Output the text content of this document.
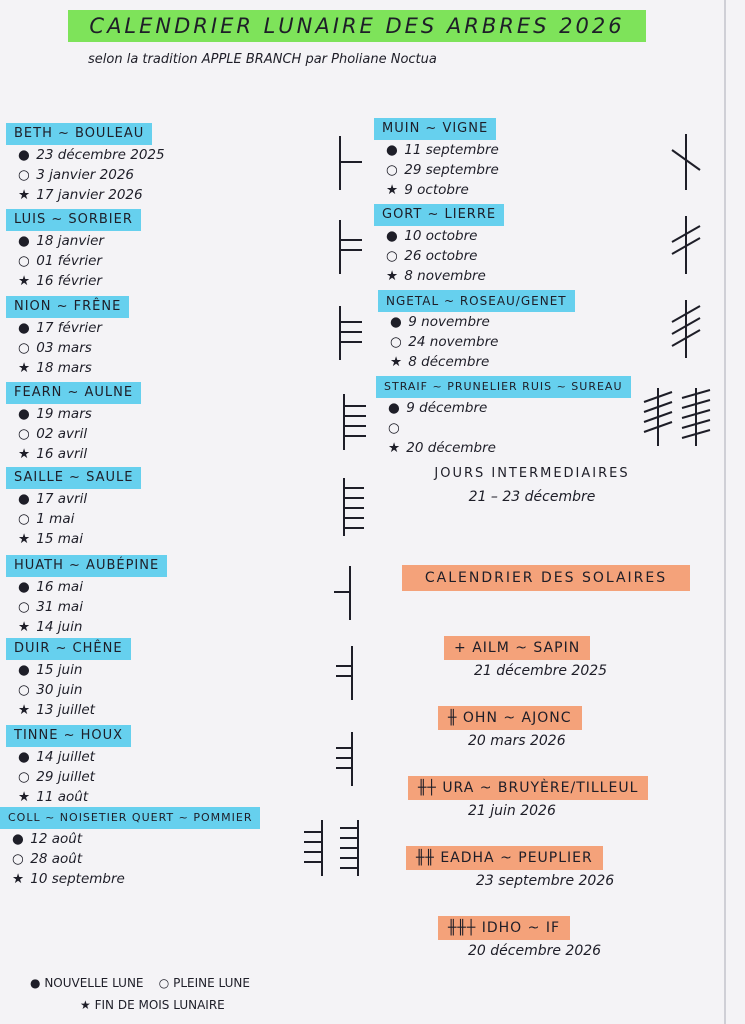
CALENDRIER LUNAIRE DES ARBRES 2026
selon la tradition APPLE BRANCH par Pholiane Noctua
BETH ~ BOULEAU
● 23 décembre 2025
○ 3 janvier 2026
★ 17 janvier 2026
LUIS ~ SORBIER
● 18 janvier
○ 01 février
★ 16 février
NION ~ FRÊNE
● 17 février
○ 03 mars
★ 18 mars
FEARN ~ AULNE
● 19 mars
○ 02 avril
★ 16 avril
SAILLE ~ SAULE
● 17 avril
○ 1 mai
★ 15 mai
HUATH ~ AUBÉPINE
● 16 mai
○ 31 mai
★ 14 juin
DUIR ~ CHÊNE
● 15 juin
○ 30 juin
★ 13 juillet
TINNE ~ HOUX
● 14 juillet
○ 29 juillet
★ 11 août
COLL ~ NOISETIER QUERT ~ POMMIER
● 12 août
○ 28 août
★ 10 septembre
MUIN ~ VIGNE
● 11 septembre
○ 29 septembre
★ 9 octobre
GORT ~ LIERRE
● 10 octobre
○ 26 octobre
★ 8 novembre
NGETAL ~ ROSEAU/GENET
● 9 novembre
○ 24 novembre
★ 8 décembre
STRAIF ~ PRUNELIER RUIS ~ SUREAU
● 9 décembre
○
★ 20 décembre
JOURS INTERMEDIAIRES
21 – 23 décembre
CALENDRIER DES SOLAIRES
+ AILM ~ SAPIN
21 décembre 2025
╫ OHN ~ AJONC
20 mars 2026
╫┼ URA ~ BRUYÈRE/TILLEUL
21 juin 2026
╫╫ EADHA ~ PEUPLIER
23 septembre 2026
╫╫┼ IDHO ~ IF
20 décembre 2026
● NOUVELLE LUNE ○ PLEINE LUNE
★ FIN DE MOIS LUNAIRE
